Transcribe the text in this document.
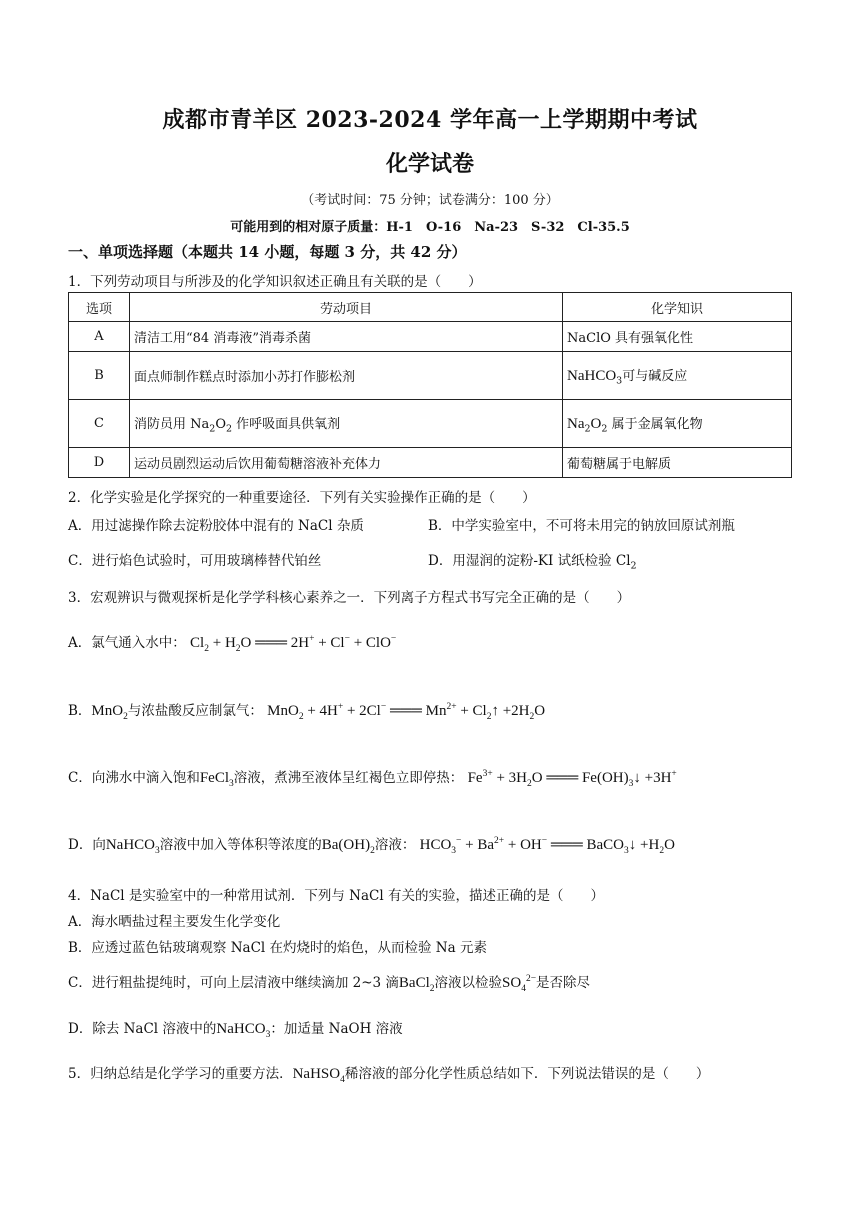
成都市青羊区 2023-2024 学年高一上学期期中考试
化学试卷
（考试时间：75 分钟；试卷满分：100 分）
可能用到的相对原子质量：H-1　O-16　Na-23　S-32　Cl-35.5
一、单项选择题（本题共 14 小题，每题 3 分，共 42 分）
1．下列劳动项目与所涉及的化学知识叙述正确且有关联的是（　　）
选项	劳动项目	化学知识
A	清洁工用“84 消毒液”消毒杀菌	NaClO 具有强氧化性
B	面点师制作糕点时添加小苏打作膨松剂	NaHCO$_3$可与碱反应
C	消防员用 $Na_2O_2$ 作呼吸面具供氧剂	$Na_2O_2$ 属于金属氧化物
D	运动员剧烈运动后饮用葡萄糖溶液补充体力	葡萄糖属于电解质
2．化学实验是化学探究的一种重要途径．下列有关实验操作正确的是（　　）
A．用过滤操作除去淀粉胶体中混有的 NaCl 杂质	B．中学实验室中，不可将未用完的钠放回原试剂瓶
C．进行焰色试验时，可用玻璃棒替代铂丝	D．用湿润的淀粉-KI 试纸检验 $Cl_2$
3．宏观辨识与微观探析是化学学科核心素养之一．下列离子方程式书写完全正确的是（　　）
A．氯气通入水中： $Cl_2 + H_2O$ ═══ 2H+ + Cl− + ClO−
B．MnO$_2$与浓盐酸反应制氯气： MnO$_2$ + 4H+ + 2Cl− ═══ $Mn^{2+}$ + $Cl_2↑ +2H_2O$
C．向沸水中滴入饱和FeCl$_3$溶液，煮沸至液体呈红褐色立即停热： $Fe^{3+} + 3H_2O$ ═══ $Fe(OH)_3↓ +3H^+$
D．向NaHCO$_3$溶液中加入等体积等浓度的$Ba(OH)_2$溶液： $HCO_3^- + Ba^{2+} + OH^-$ ═══ BaCO$_3$↓ $+H_2O$
4．NaCl 是实验室中的一种常用试剂．下列与 NaCl 有关的实验，描述正确的是（　　）
A．海水晒盐过程主要发生化学变化
B．应透过蓝色钴玻璃观察 NaCl 在灼烧时的焰色，从而检验 Na 元素
C．进行粗盐提纯时，可向上层清液中继续滴加 2~3 滴BaCl$_2$溶液以检验$SO_4^{2-}$是否除尽
D．除去 NaCl 溶液中的NaHCO$_3$：加适量 NaOH 溶液
5．归纳总结是化学学习的重要方法．NaHSO$_4$稀溶液的部分化学性质总结如下．下列说法错误的是（　　）
